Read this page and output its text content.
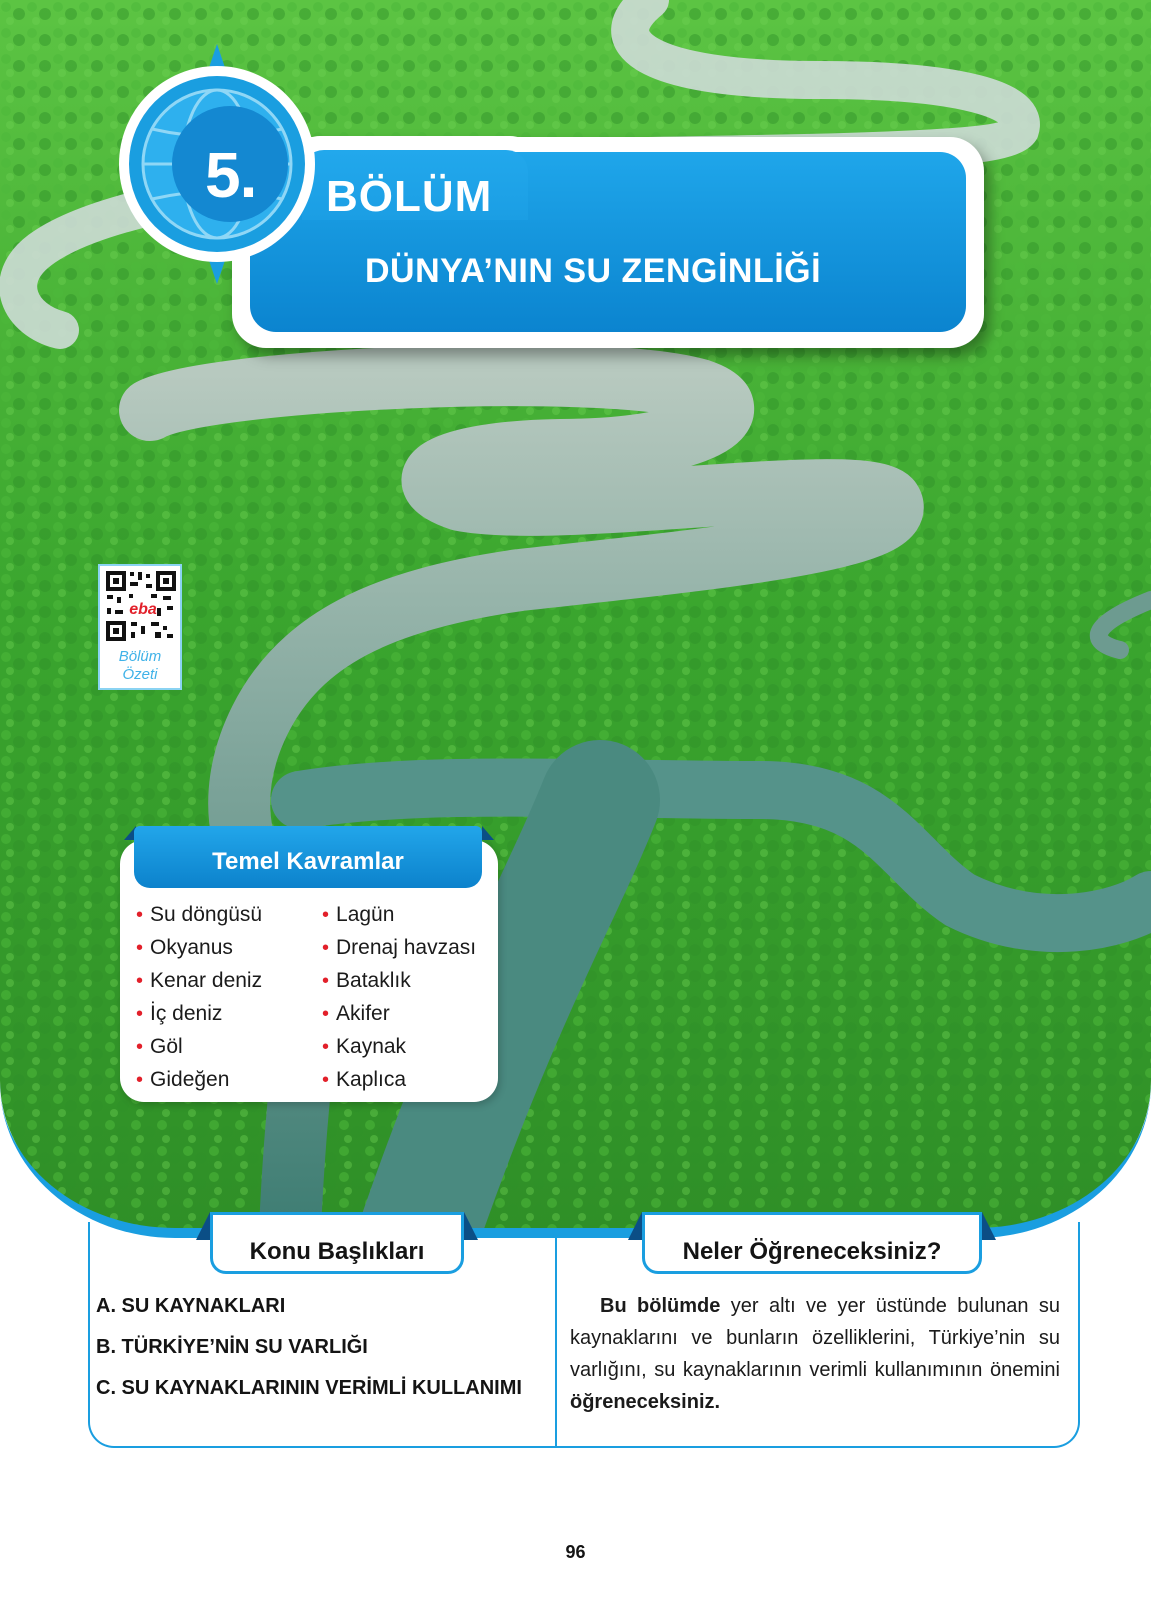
BÖLÜM
DÜNYA’NIN SU ZENGİNLİĞİ
5.
eba
Bölüm
Özeti
Temel Kavramlar
• Su döngüsü
• Okyanus
• Kenar deniz
• İç deniz
• Göl
• Gideğen
• Lagün
• Drenaj havzası
• Bataklık
• Akifer
• Kaynak
• Kaplıca
Konu Başlıkları	Neler Öğreneceksiniz?
A. SU KAYNAKLARI
B. TÜRKİYE’NİN SU VARLIĞI
C. SU KAYNAKLARININ VERİMLİ KULLANIMI
Bu bölümde yer altı ve yer üstünde bulunan su kaynaklarını ve bunların özelliklerini, Türkiye’nin su varlığını, su kaynaklarının verimli kullanımının önemini öğreneceksiniz.
96
